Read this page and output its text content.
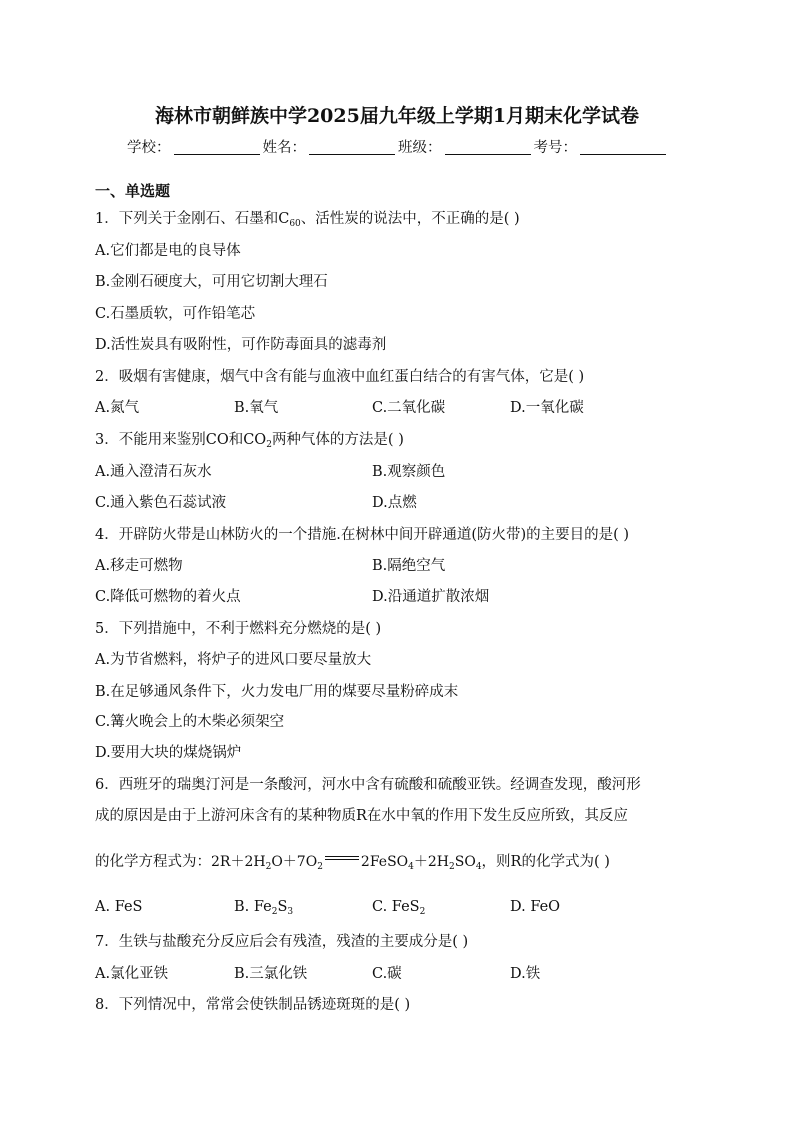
海林市朝鲜族中学2025届九年级上学期1月期末化学试卷
学校：	姓名：	班级：	考号：
一、单选题
1．下列关于金刚石、石墨和$C_{60}$、活性炭的说法中，不正确的是( )
A.它们都是电的良导体
B.金刚石硬度大，可用它切割大理石
C.石墨质软，可作铅笔芯
D.活性炭具有吸附性，可作防毒面具的滤毒剂
2．吸烟有害健康，烟气中含有能与血液中血红蛋白结合的有害气体，它是( )
A.氮气	B.氧气	C.二氧化碳	D.一氧化碳
3．不能用来鉴别CO和$CO_2$两种气体的方法是( )
A.通入澄清石灰水	B.观察颜色
C.通入紫色石蕊试液	D.点燃
4．开辟防火带是山林防火的一个措施.在树林中间开辟通道(防火带)的主要目的是( )
A.移走可燃物	B.隔绝空气
C.降低可燃物的着火点	D.沿通道扩散浓烟
5．下列措施中，不利于燃料充分燃烧的是( )
A.为节省燃料，将炉子的进风口要尽量放大
B.在足够通风条件下，火力发电厂用的煤要尽量粉碎成末
C.篝火晚会上的木柴必须架空
D.要用大块的煤烧锅炉
6．西班牙的瑞奥汀河是一条酸河，河水中含有硫酸和硫酸亚铁。经调查发现，酸河形
成的原因是由于上游河床含有的某种物质R在水中氧的作用下发生反应所致，其反应
的化学方程式为：$2R+2H_2O+7O_2$	$2FeSO_4+2H_2SO_4$，则R的化学式为( )
A. FeS	B. $Fe_2S_3$	C. FeS$_2$	D. FeO
7．生铁与盐酸充分反应后会有残渣，残渣的主要成分是( )
A.氯化亚铁	B.三氯化铁	C.碳	D.铁
8．下列情况中，常常会使铁制品锈迹斑斑的是( )
